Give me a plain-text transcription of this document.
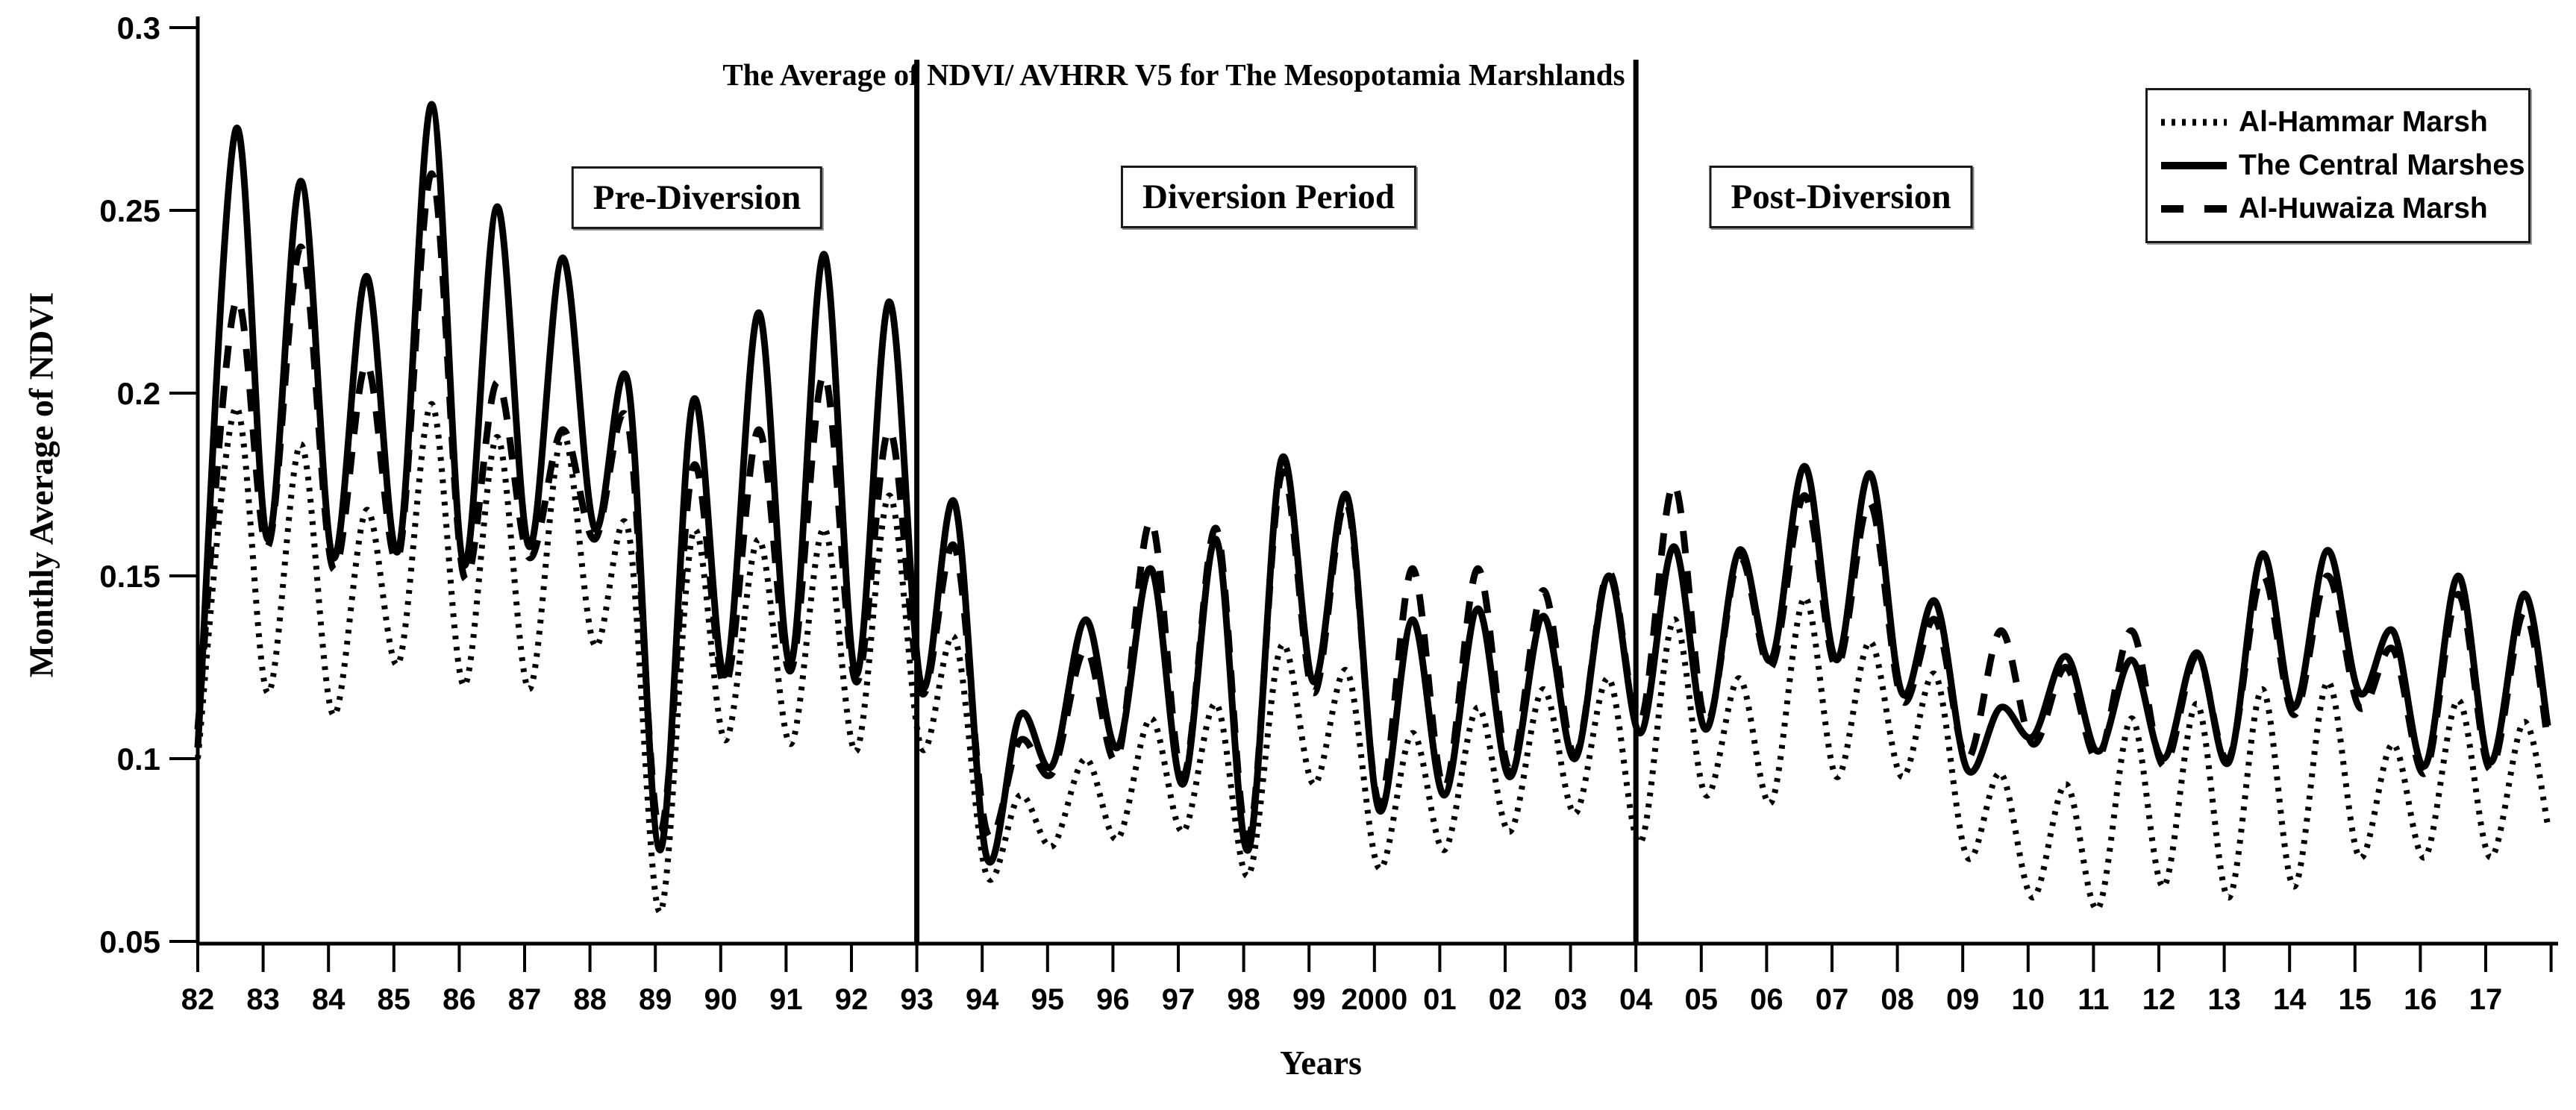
0.3
0.25
0.2
0.15
0.1
0.05
82 83 84 85 86 87 88 89 90 91 92 93 94 95 96 97 98 99 2000 01 02 03 04 05 06 07 08 09 10 11 12 13 14 15 16 17
The Average of NDVI/ AVHRR V5 for The Mesopotamia Marshlands
Monthly Average of NDVI
Years
Pre-Diversion	Diversion Period	Post-Diversion
Al-Hammar Marsh
The Central Marshes
Al-Huwaiza Marsh
